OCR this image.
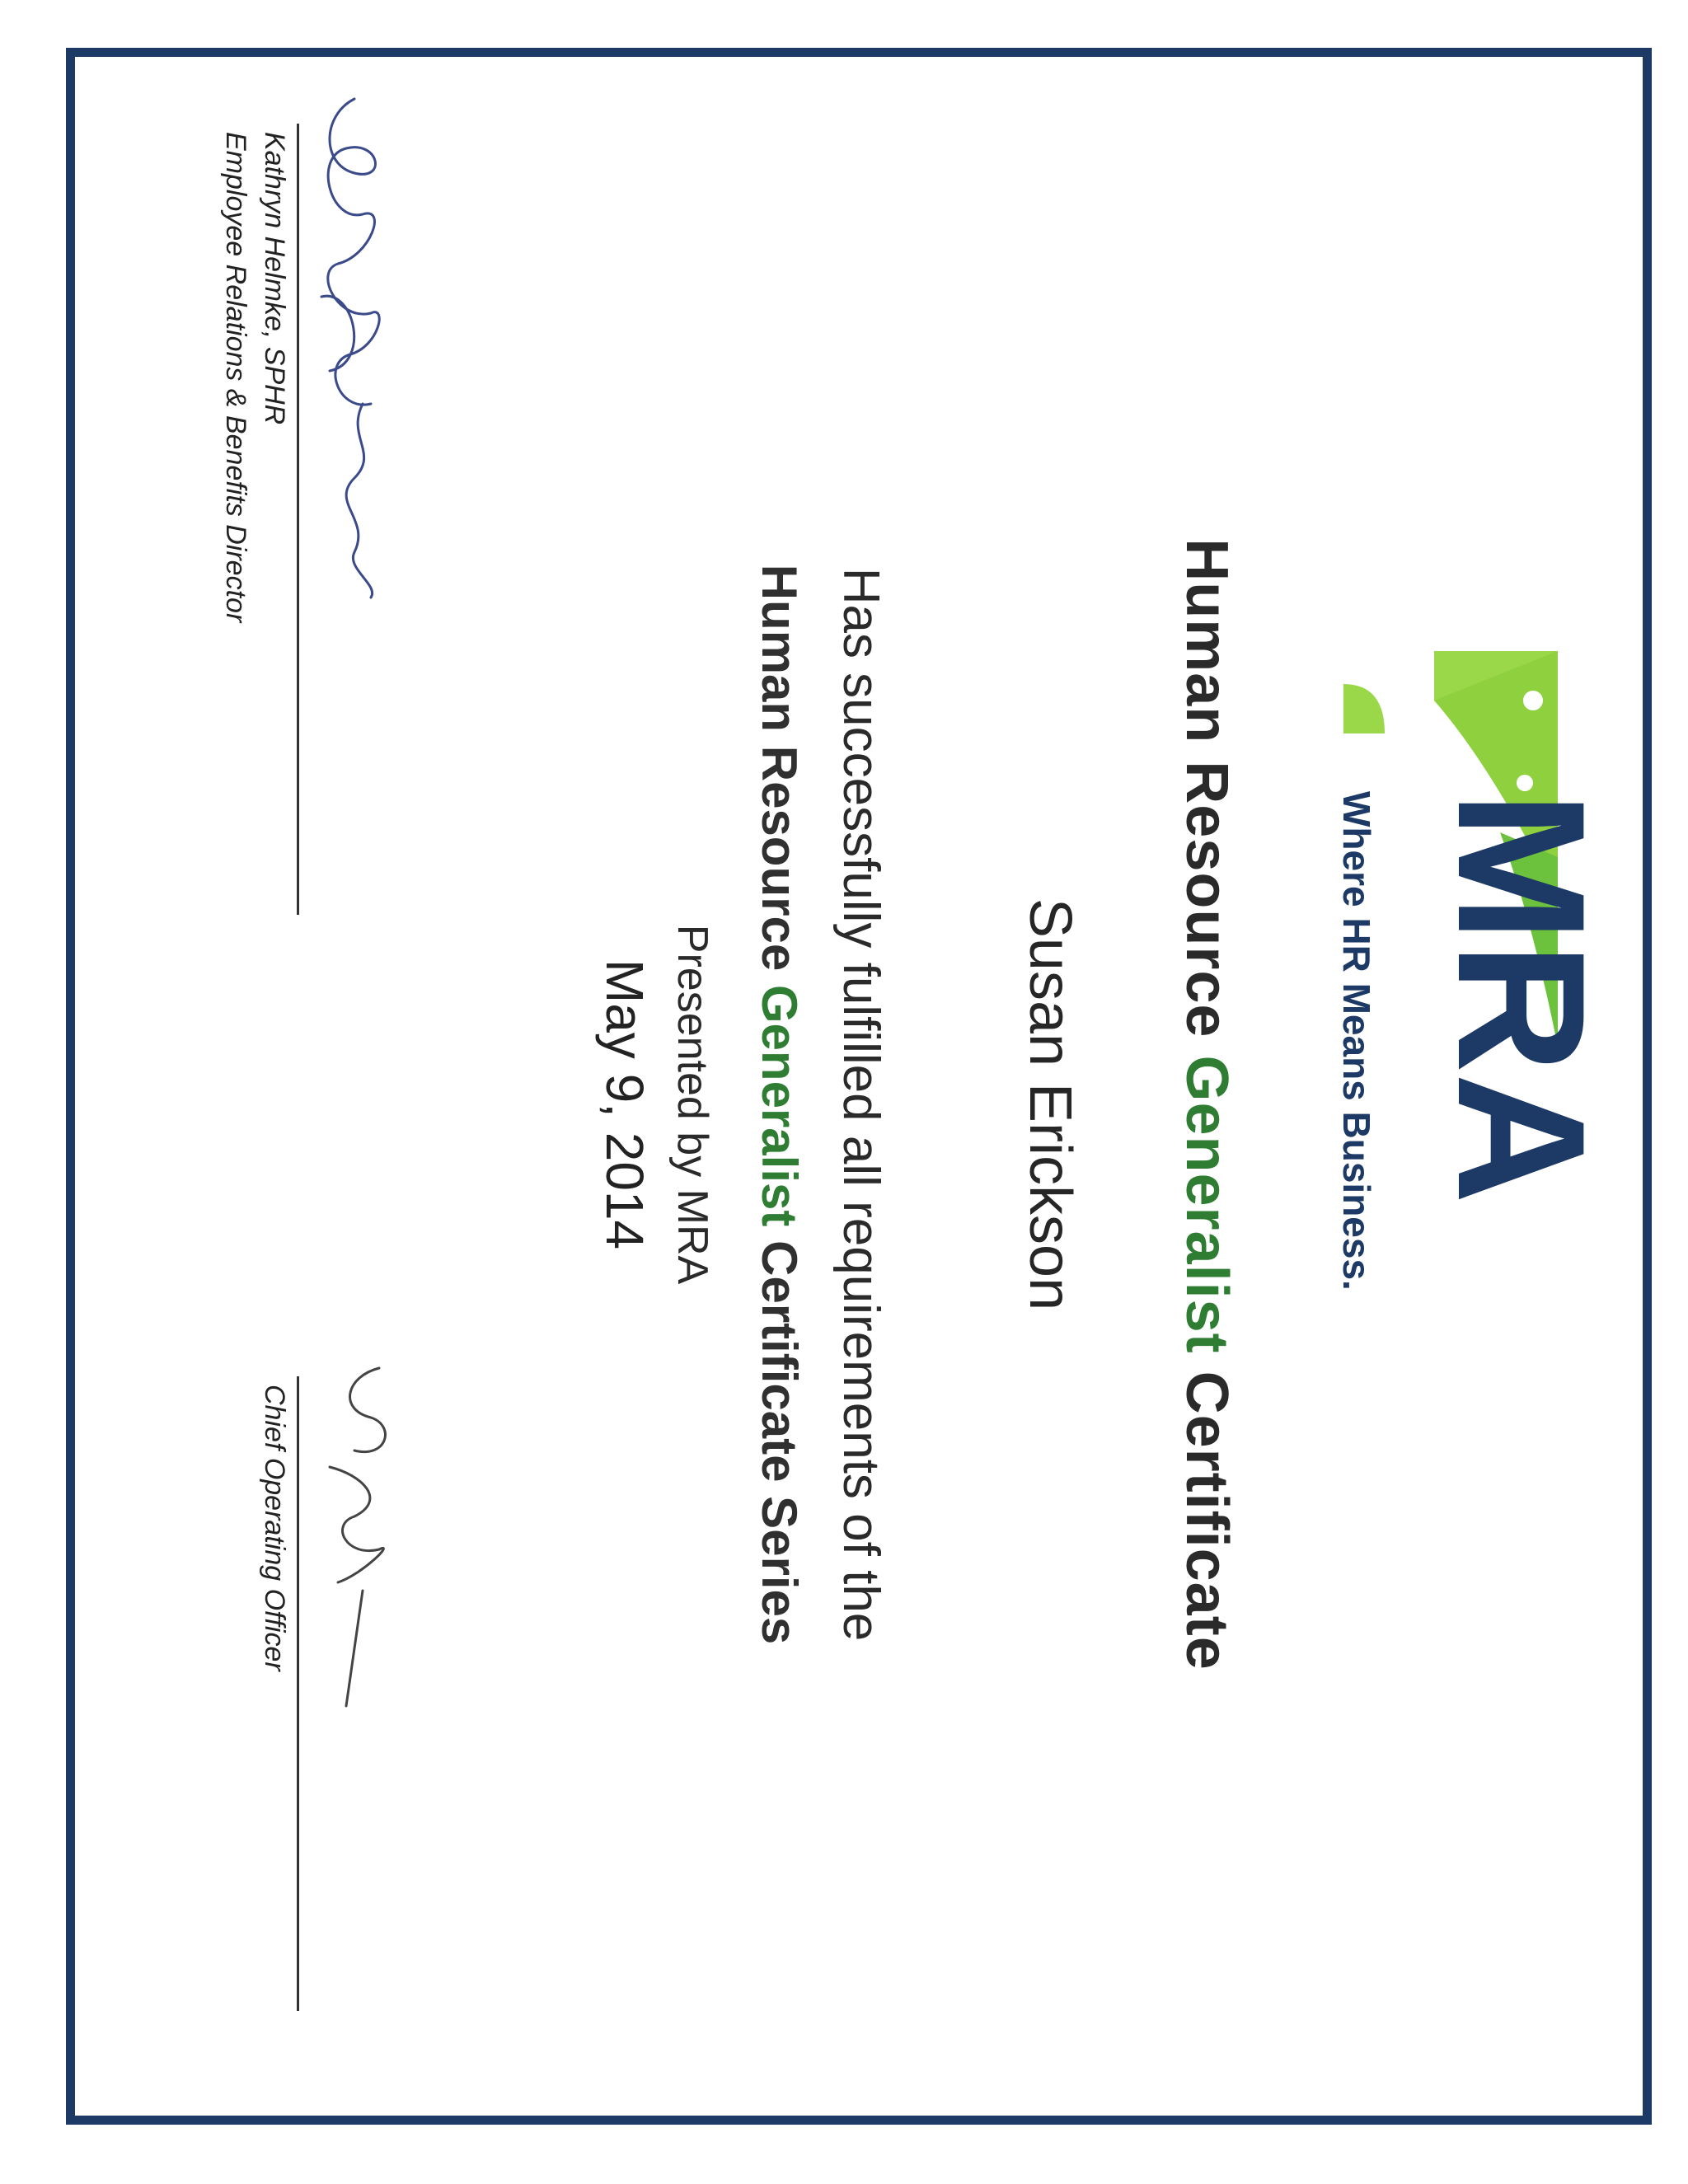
MRA
Where HR Means Business.
Human Resource Generalist Certificate
Susan Erickson
Has successfully fulfilled all requirements of the
Human Resource Generalist Certificate Series
Presented by MRA
May 9, 2014
Kathryn Helmke, SPHR
Employee Relations & Benefits Director
Chief Operating Officer
